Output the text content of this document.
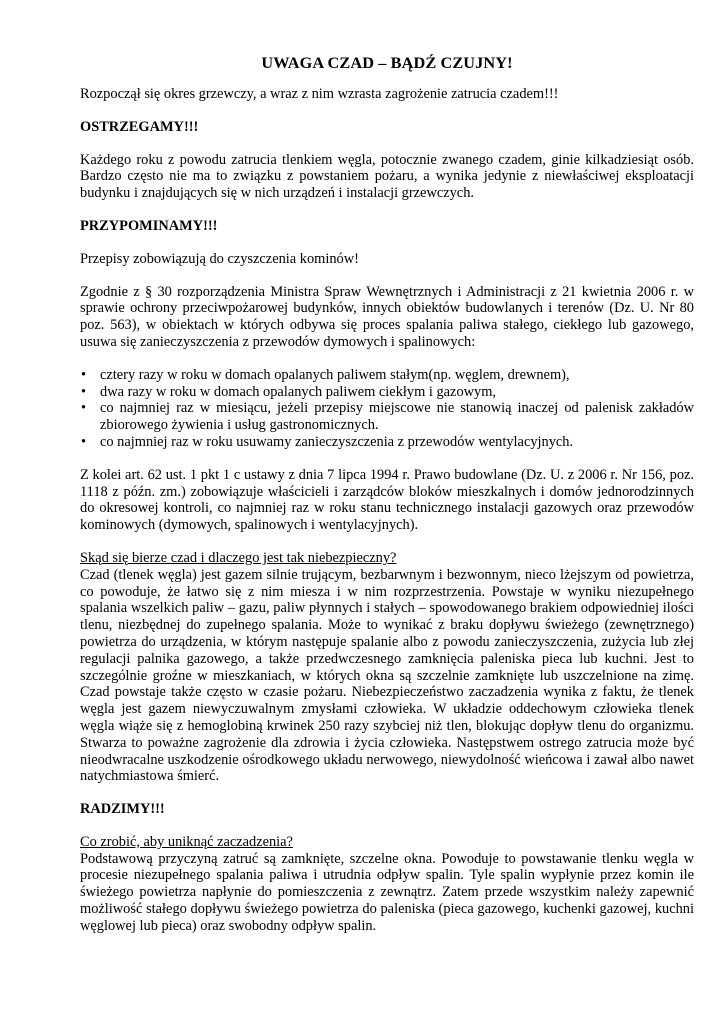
UWAGA CZAD – BĄDŹ CZUJNY!

Rozpoczął się okres grzewczy, a wraz z nim wzrasta zagrożenie zatrucia czadem!!!

OSTRZEGAMY!!!

Każdego roku z powodu zatrucia tlenkiem węgla, potocznie zwanego czadem, ginie kilkadziesiąt osób. Bardzo często nie ma to związku z powstaniem pożaru, a wynika jedynie z niewłaściwej eksploatacji budynku i znajdujących się w nich urządzeń i instalacji grzewczych.

PRZYPOMINAMY!!!

Przepisy zobowiązują do czyszczenia kominów!

Zgodnie z § 30 rozporządzenia Ministra Spraw Wewnętrznych i Administracji z 21 kwietnia 2006 r. w sprawie ochrony przeciwpożarowej budynków, innych obiektów budowlanych i terenów (Dz. U. Nr 80 poz. 563), w obiektach w których odbywa się proces spalania paliwa stałego, ciekłego lub gazowego, usuwa się zanieczyszczenia z przewodów dymowych i spalinowych:

• cztery razy w roku w domach opalanych paliwem stałym(np. węglem, drewnem),
• dwa razy w roku w domach opalanych paliwem ciekłym i gazowym,
• co najmniej raz w miesiącu, jeżeli przepisy miejscowe nie stanowią inaczej od palenisk zakładów zbiorowego żywienia i usług gastronomicznych.
• co najmniej raz w roku usuwamy zanieczyszczenia z przewodów wentylacyjnych.

Z kolei art. 62 ust. 1 pkt 1 c ustawy z dnia 7 lipca 1994 r. Prawo budowlane (Dz. U. z 2006 r. Nr 156, poz. 1118 z późn. zm.) zobowiązuje właścicieli i zarządców bloków mieszkalnych i domów jednorodzinnych do okresowej kontroli, co najmniej raz w roku stanu technicznego instalacji gazowych oraz przewodów kominowych (dymowych, spalinowych i wentylacyjnych).

Skąd się bierze czad i dlaczego jest tak niebezpieczny?
Czad (tlenek węgla) jest gazem silnie trującym, bezbarwnym i bezwonnym, nieco lżejszym od powietrza, co powoduje, że łatwo się z nim miesza i w nim rozprzestrzenia. Powstaje w wyniku niezupełnego spalania wszelkich paliw – gazu, paliw płynnych i stałych – spowodowanego brakiem odpowiedniej ilości tlenu, niezbędnej do zupełnego spalania. Może to wynikać z braku dopływu świeżego (zewnętrznego) powietrza do urządzenia, w którym następuje spalanie albo z powodu zanieczyszczenia, zużycia lub złej regulacji palnika gazowego, a także przedwczesnego zamknięcia paleniska pieca lub kuchni. Jest to szczególnie groźne w mieszkaniach, w których okna są szczelnie zamknięte lub uszczelnione na zimę. Czad powstaje także często w czasie pożaru. Niebezpieczeństwo zaczadzenia wynika z faktu, że tlenek węgla jest gazem niewyczuwalnym zmysłami człowieka. W układzie oddechowym człowieka tlenek węgla wiąże się z hemoglobiną krwinek 250 razy szybciej niż tlen, blokując dopływ tlenu do organizmu. Stwarza to poważne zagrożenie dla zdrowia i życia człowieka. Następstwem ostrego zatrucia może być nieodwracalne uszkodzenie ośrodkowego układu nerwowego, niewydolność wieńcowa i zawał albo nawet natychmiastowa śmierć.

RADZIMY!!!

Co zrobić, aby uniknąć zaczadzenia?
Podstawową przyczyną zatruć są zamknięte, szczelne okna. Powoduje to powstawanie tlenku węgla w procesie niezupełnego spalania paliwa i utrudnia odpływ spalin. Tyle spalin wypłynie przez komin ile świeżego powietrza napłynie do pomieszczenia z zewnątrz. Zatem przede wszystkim należy zapewnić możliwość stałego dopływu świeżego powietrza do paleniska (pieca gazowego, kuchenki gazowej, kuchni węglowej lub pieca) oraz swobodny odpływ spalin.
